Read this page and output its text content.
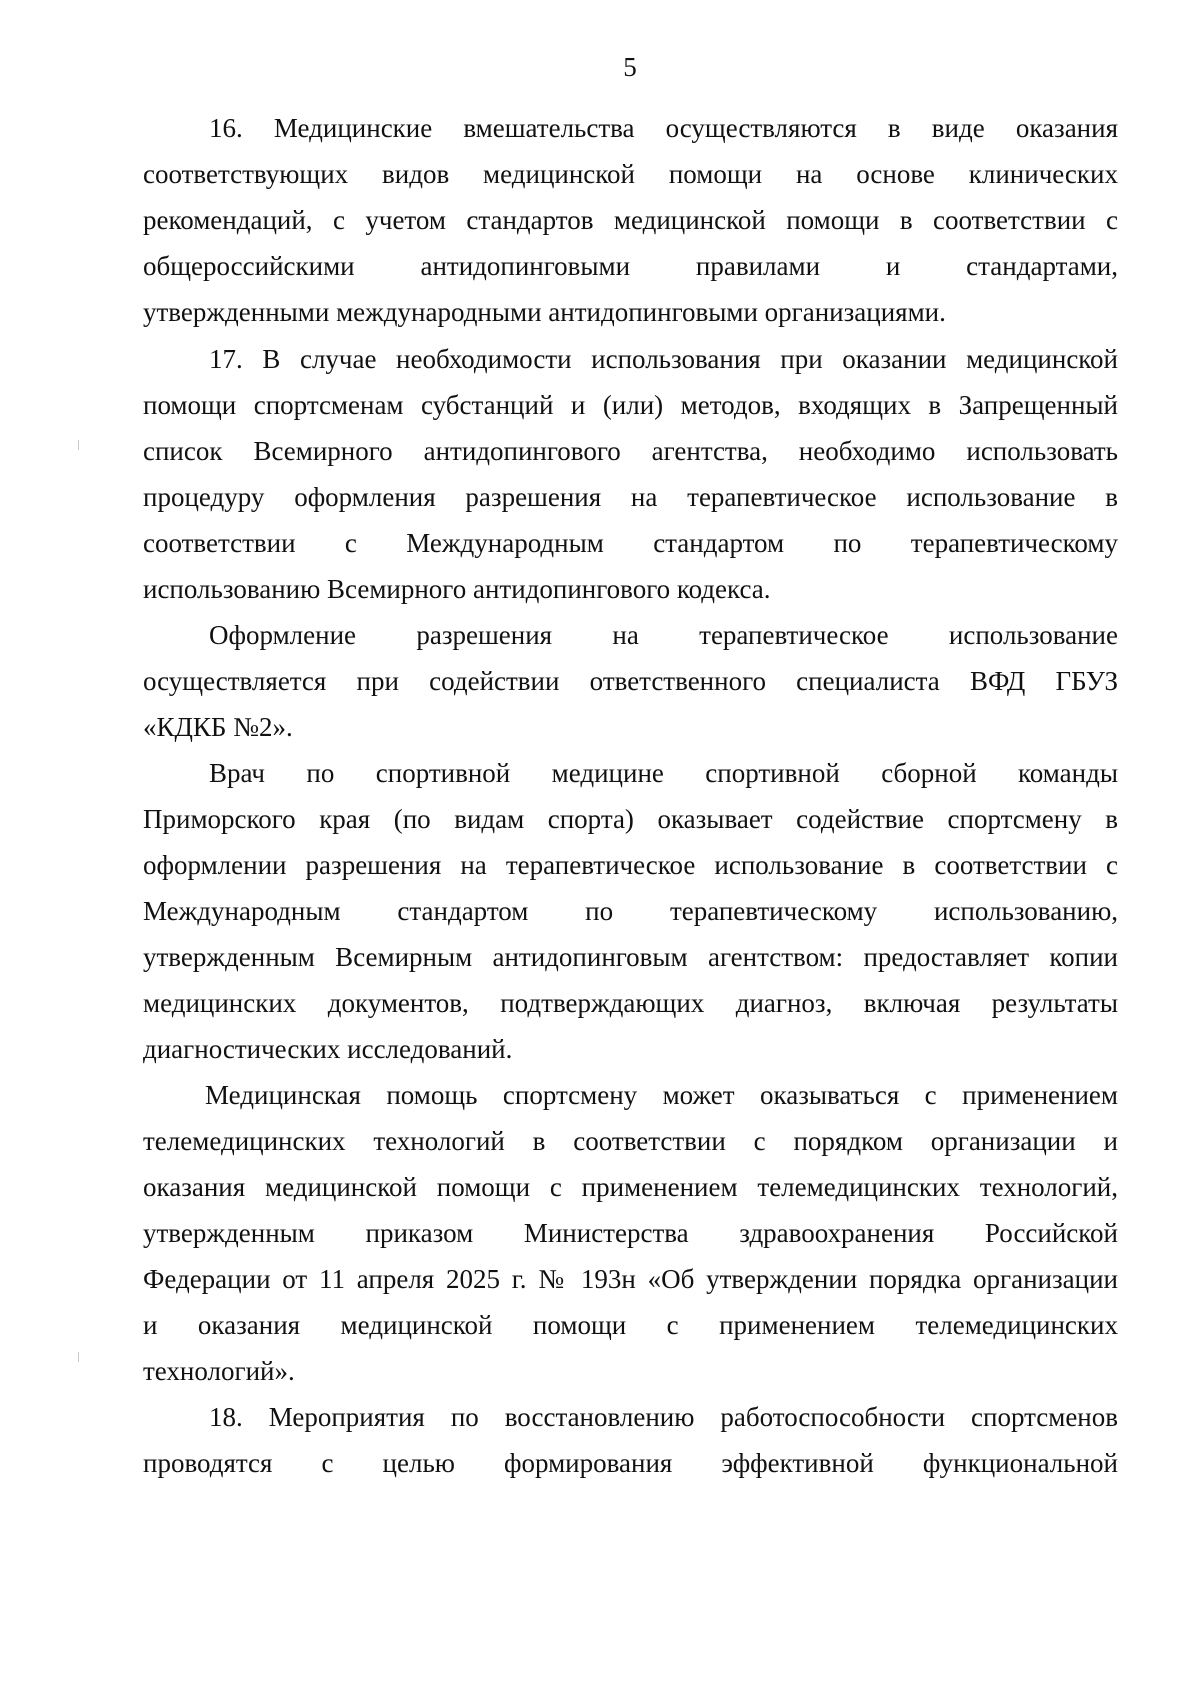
5
16. Медицинские вмешательства осуществляются в виде оказания
соответствующих видов медицинской помощи на основе клинических
рекомендаций, с учетом стандартов медицинской помощи в соответствии с
общероссийскими антидопинговыми правилами и стандартами,
утвержденными международными антидопинговыми организациями.
17. В случае необходимости использования при оказании медицинской
помощи спортсменам субстанций и (или) методов, входящих в Запрещенный
список Всемирного антидопингового агентства, необходимо использовать
процедуру оформления разрешения на терапевтическое использование в
соответствии с Международным стандартом по терапевтическому
использованию Всемирного антидопингового кодекса.
Оформление разрешения на терапевтическое использование
осуществляется при содействии ответственного специалиста ВФД ГБУЗ
«КДКБ №2».
Врач по спортивной медицине спортивной сборной команды
Приморского края (по видам спорта) оказывает содействие спортсмену в
оформлении разрешения на терапевтическое использование в соответствии с
Международным стандартом по терапевтическому использованию,
утвержденным Всемирным антидопинговым агентством: предоставляет копии
медицинских документов, подтверждающих диагноз, включая результаты
диагностических исследований.
Медицинская помощь спортсмену может оказываться с применением
телемедицинских технологий в соответствии с порядком организации и
оказания медицинской помощи с применением телемедицинских технологий,
утвержденным приказом Министерства здравоохранения Российской
Федерации от 11 апреля 2025 г. № 193н «Об утверждении порядка организации
и оказания медицинской помощи с применением телемедицинских
технологий».
18. Мероприятия по восстановлению работоспособности спортсменов
проводятся с целью формирования эффективной функциональной
